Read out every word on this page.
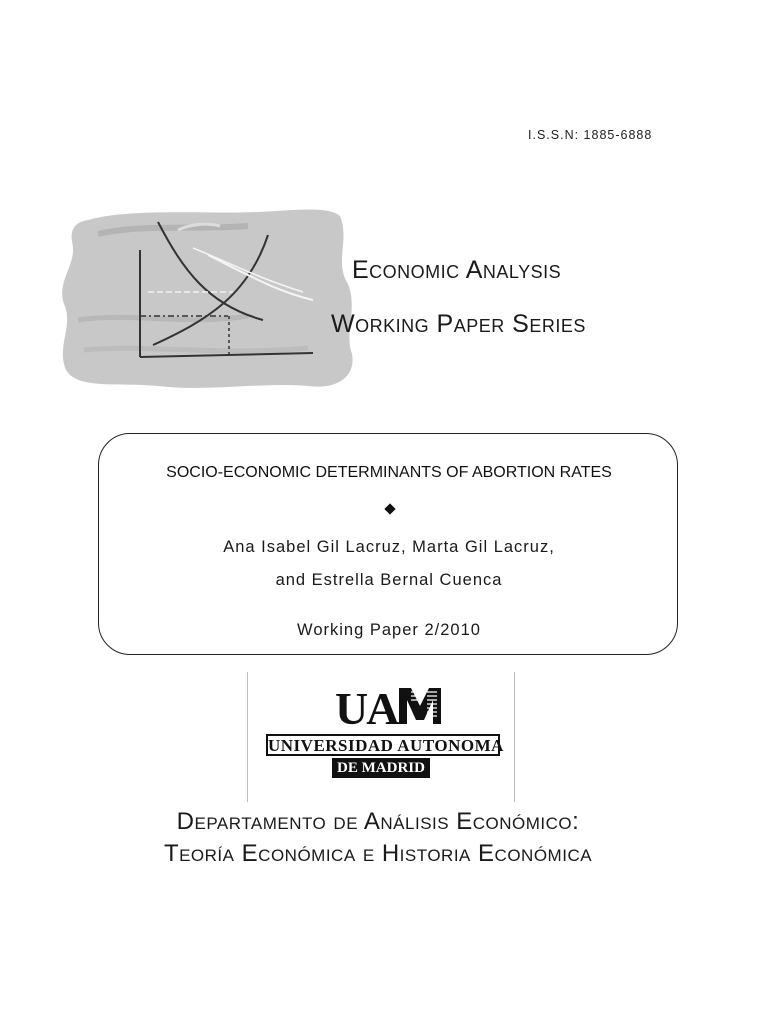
I.S.S.N: 1885-6888
Economic Analysis
Working Paper Series
SOCIO-ECONOMIC DETERMINANTS OF ABORTION RATES
Ana Isabel Gil Lacruz, Marta Gil Lacruz,
and Estrella Bernal Cuenca
Working Paper 2/2010
UA
UNIVERSIDAD AUTONOMA
DE MADRID
Departamento de Análisis Económico:
Teoría Económica e Historia Económica
